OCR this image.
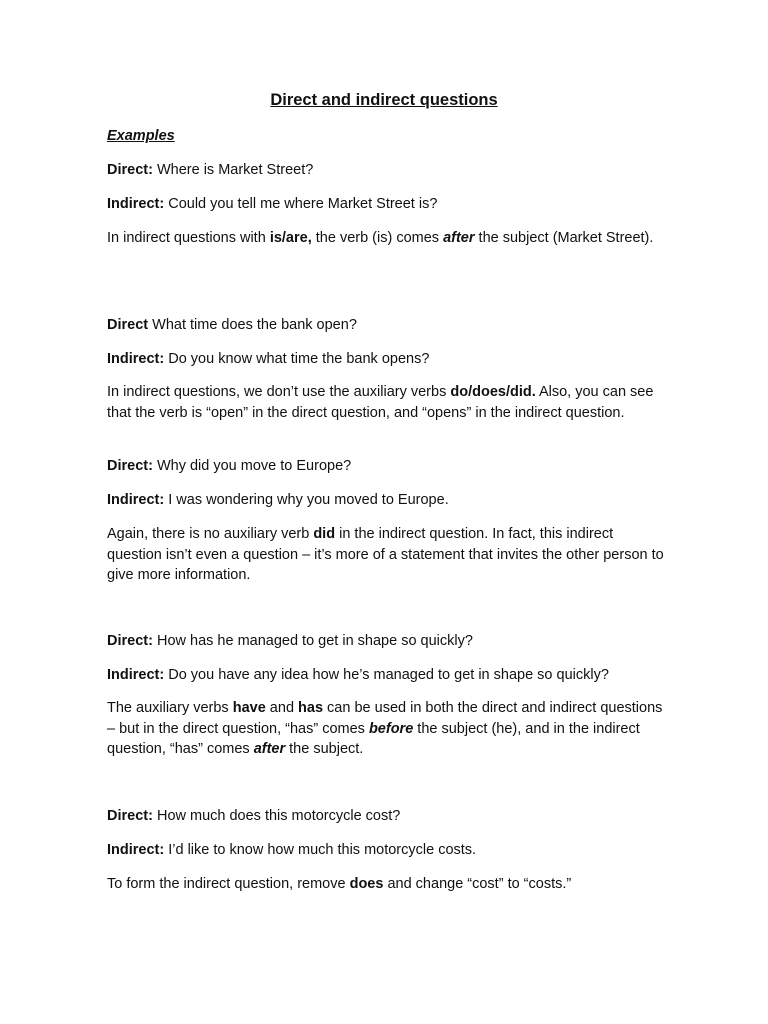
Direct and indirect questions
Examples
Direct: Where is Market Street?
Indirect: Could you tell me where Market Street is?
In indirect questions with is/are, the verb (is) comes after the subject (Market Street).
Direct What time does the bank open?
Indirect: Do you know what time the bank opens?
In indirect questions, we don’t use the auxiliary verbs do/does/did. Also, you can see that the verb is “open” in the direct question, and “opens” in the indirect question.
Direct: Why did you move to Europe?
Indirect: I was wondering why you moved to Europe.
Again, there is no auxiliary verb did in the indirect question. In fact, this indirect question isn’t even a question – it’s more of a statement that invites the other person to give more information.
Direct: How has he managed to get in shape so quickly?
Indirect: Do you have any idea how he’s managed to get in shape so quickly?
The auxiliary verbs have and has can be used in both the direct and indirect questions – but in the direct question, “has” comes before the subject (he), and in the indirect question, “has” comes after the subject.
Direct: How much does this motorcycle cost?
Indirect: I’d like to know how much this motorcycle costs.
To form the indirect question, remove does and change “cost” to “costs.”
